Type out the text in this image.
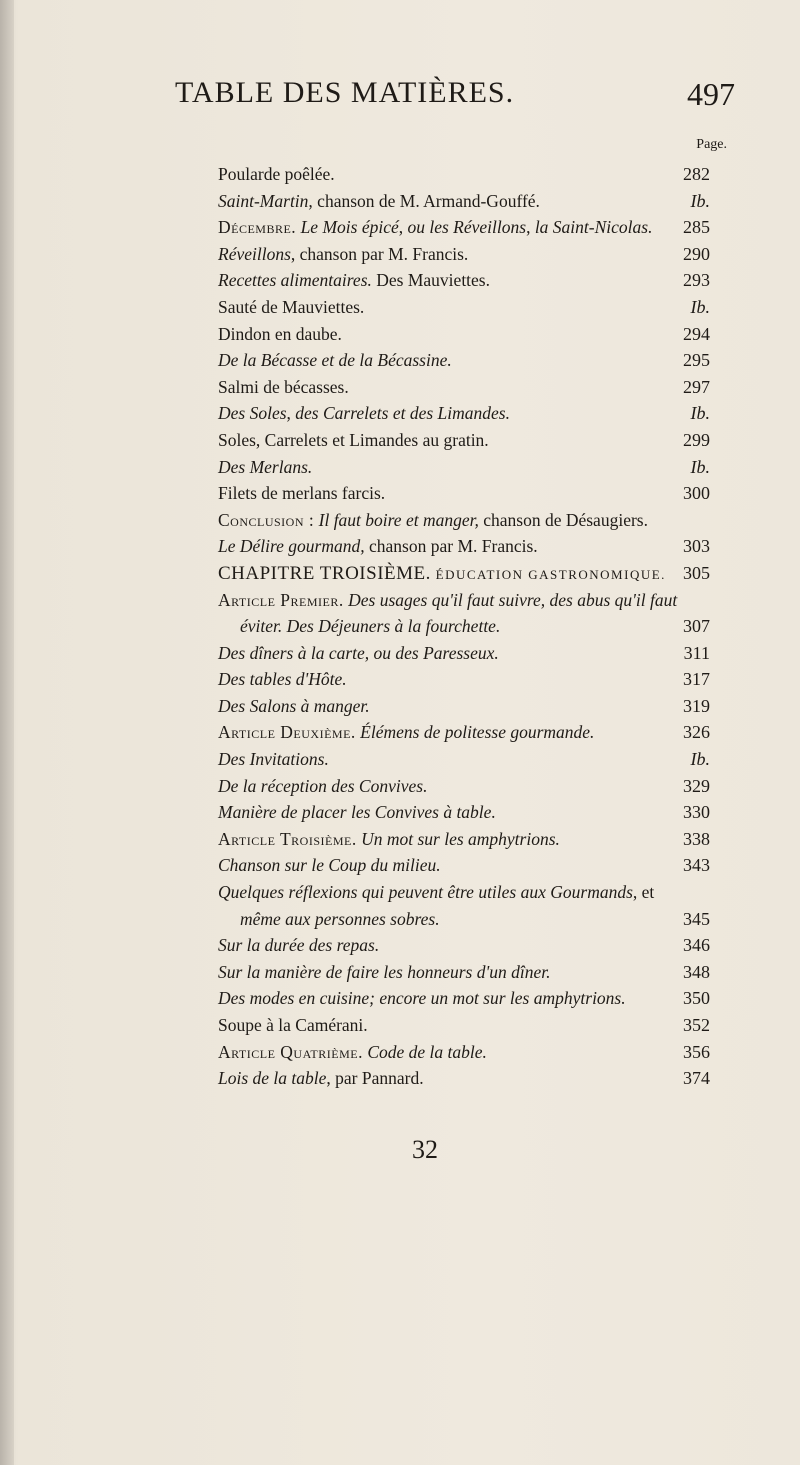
TABLE DES MATIÈRES.	497
Page.
Poularde poêlée.	282
Saint-Martin, chanson de M. Armand-Gouffé.	Ib.
Décembre. Le Mois épicé, ou les Réveillons, la Saint-Nicolas.	285
Réveillons, chanson par M. Francis.	290
Recettes alimentaires. Des Mauviettes.	293
Sauté de Mauviettes.	Ib.
Dindon en daube.	294
De la Bécasse et de la Bécassine.	295
Salmi de bécasses.	297
Des Soles, des Carrelets et des Limandes.	Ib.
Soles, Carrelets et Limandes au gratin.	299
Des Merlans.	Ib.
Filets de merlans farcis.	300
Conclusion : Il faut boire et manger, chanson de Désaugiers.
Le Délire gourmand, chanson par M. Francis.	303
CHAPITRE TROISIÈME. ÉDUCATION GASTRONOMIQUE. 305
Article Premier. Des usages qu'il faut suivre, des abus qu'il faut
éviter. Des Déjeuners à la fourchette.	307
Des dîners à la carte, ou des Paresseux.	311
Des tables d'Hôte.	317
Des Salons à manger.	319
Article Deuxième. Élémens de politesse gourmande.	326
Des Invitations.	Ib.
De la réception des Convives.	329
Manière de placer les Convives à table.	330
Article Troisième. Un mot sur les amphytrions.	338
Chanson sur le Coup du milieu.	343
Quelques réflexions qui peuvent être utiles aux Gourmands, et
même aux personnes sobres.	345
Sur la durée des repas.	346
Sur la manière de faire les honneurs d'un dîner.	348
Des modes en cuisine; encore un mot sur les amphytrions.	350
Soupe à la Camérani.	352
Article Quatrième. Code de la table.	356
Lois de la table, par Pannard.	374
32
